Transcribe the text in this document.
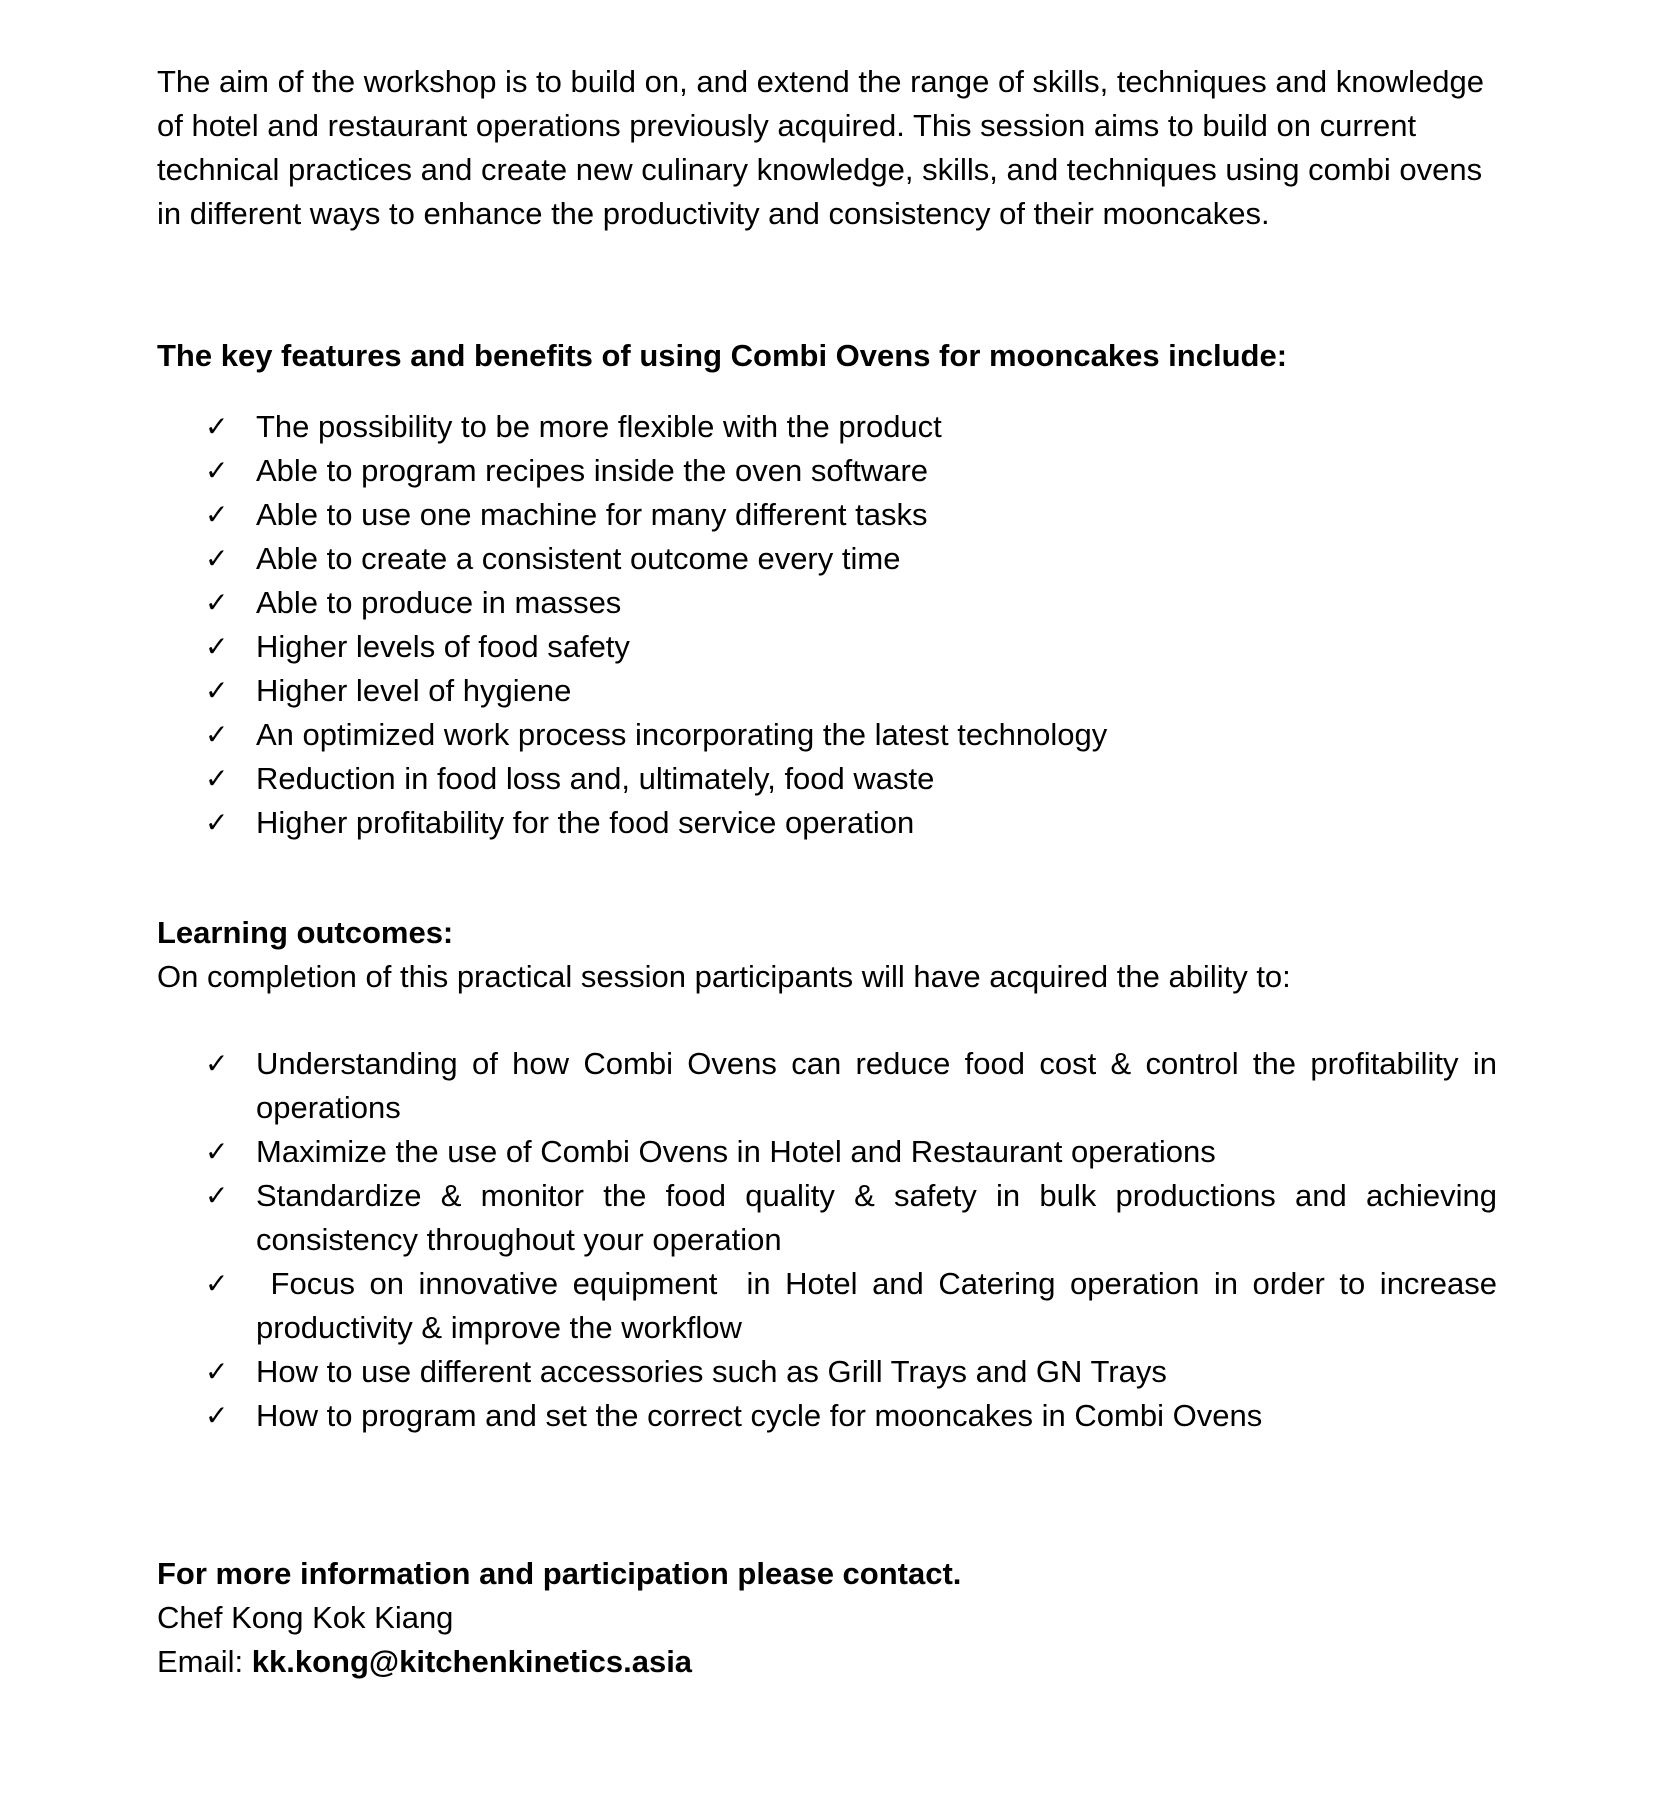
The aim of the workshop is to build on, and extend the range of skills, techniques and knowledge of hotel and restaurant operations previously acquired. This session aims to build on current technical practices and create new culinary knowledge, skills, and techniques using combi ovens in different ways to enhance the productivity and consistency of their mooncakes.

The key features and benefits of using Combi Ovens for mooncakes include:

✓ The possibility to be more flexible with the product
✓ Able to program recipes inside the oven software
✓ Able to use one machine for many different tasks
✓ Able to create a consistent outcome every time
✓ Able to produce in masses
✓ Higher levels of food safety
✓ Higher level of hygiene
✓ An optimized work process incorporating the latest technology
✓ Reduction in food loss and, ultimately, food waste
✓ Higher profitability for the food service operation

Learning outcomes:

On completion of this practical session participants will have acquired the ability to:

✓ Understanding of how Combi Ovens can reduce food cost & control the profitability in operations
✓ Maximize the use of Combi Ovens in Hotel and Restaurant operations
✓ Standardize & monitor the food quality & safety in bulk productions and achieving consistency throughout your operation
✓ Focus on innovative equipment  in Hotel and Catering operation in order to increase productivity & improve the workflow
✓ How to use different accessories such as Grill Trays and GN Trays
✓ How to program and set the correct cycle for mooncakes in Combi Ovens

For more information and participation please contact.

Chef Kong Kok Kiang

Email: kk.kong@kitchenkinetics.asia
